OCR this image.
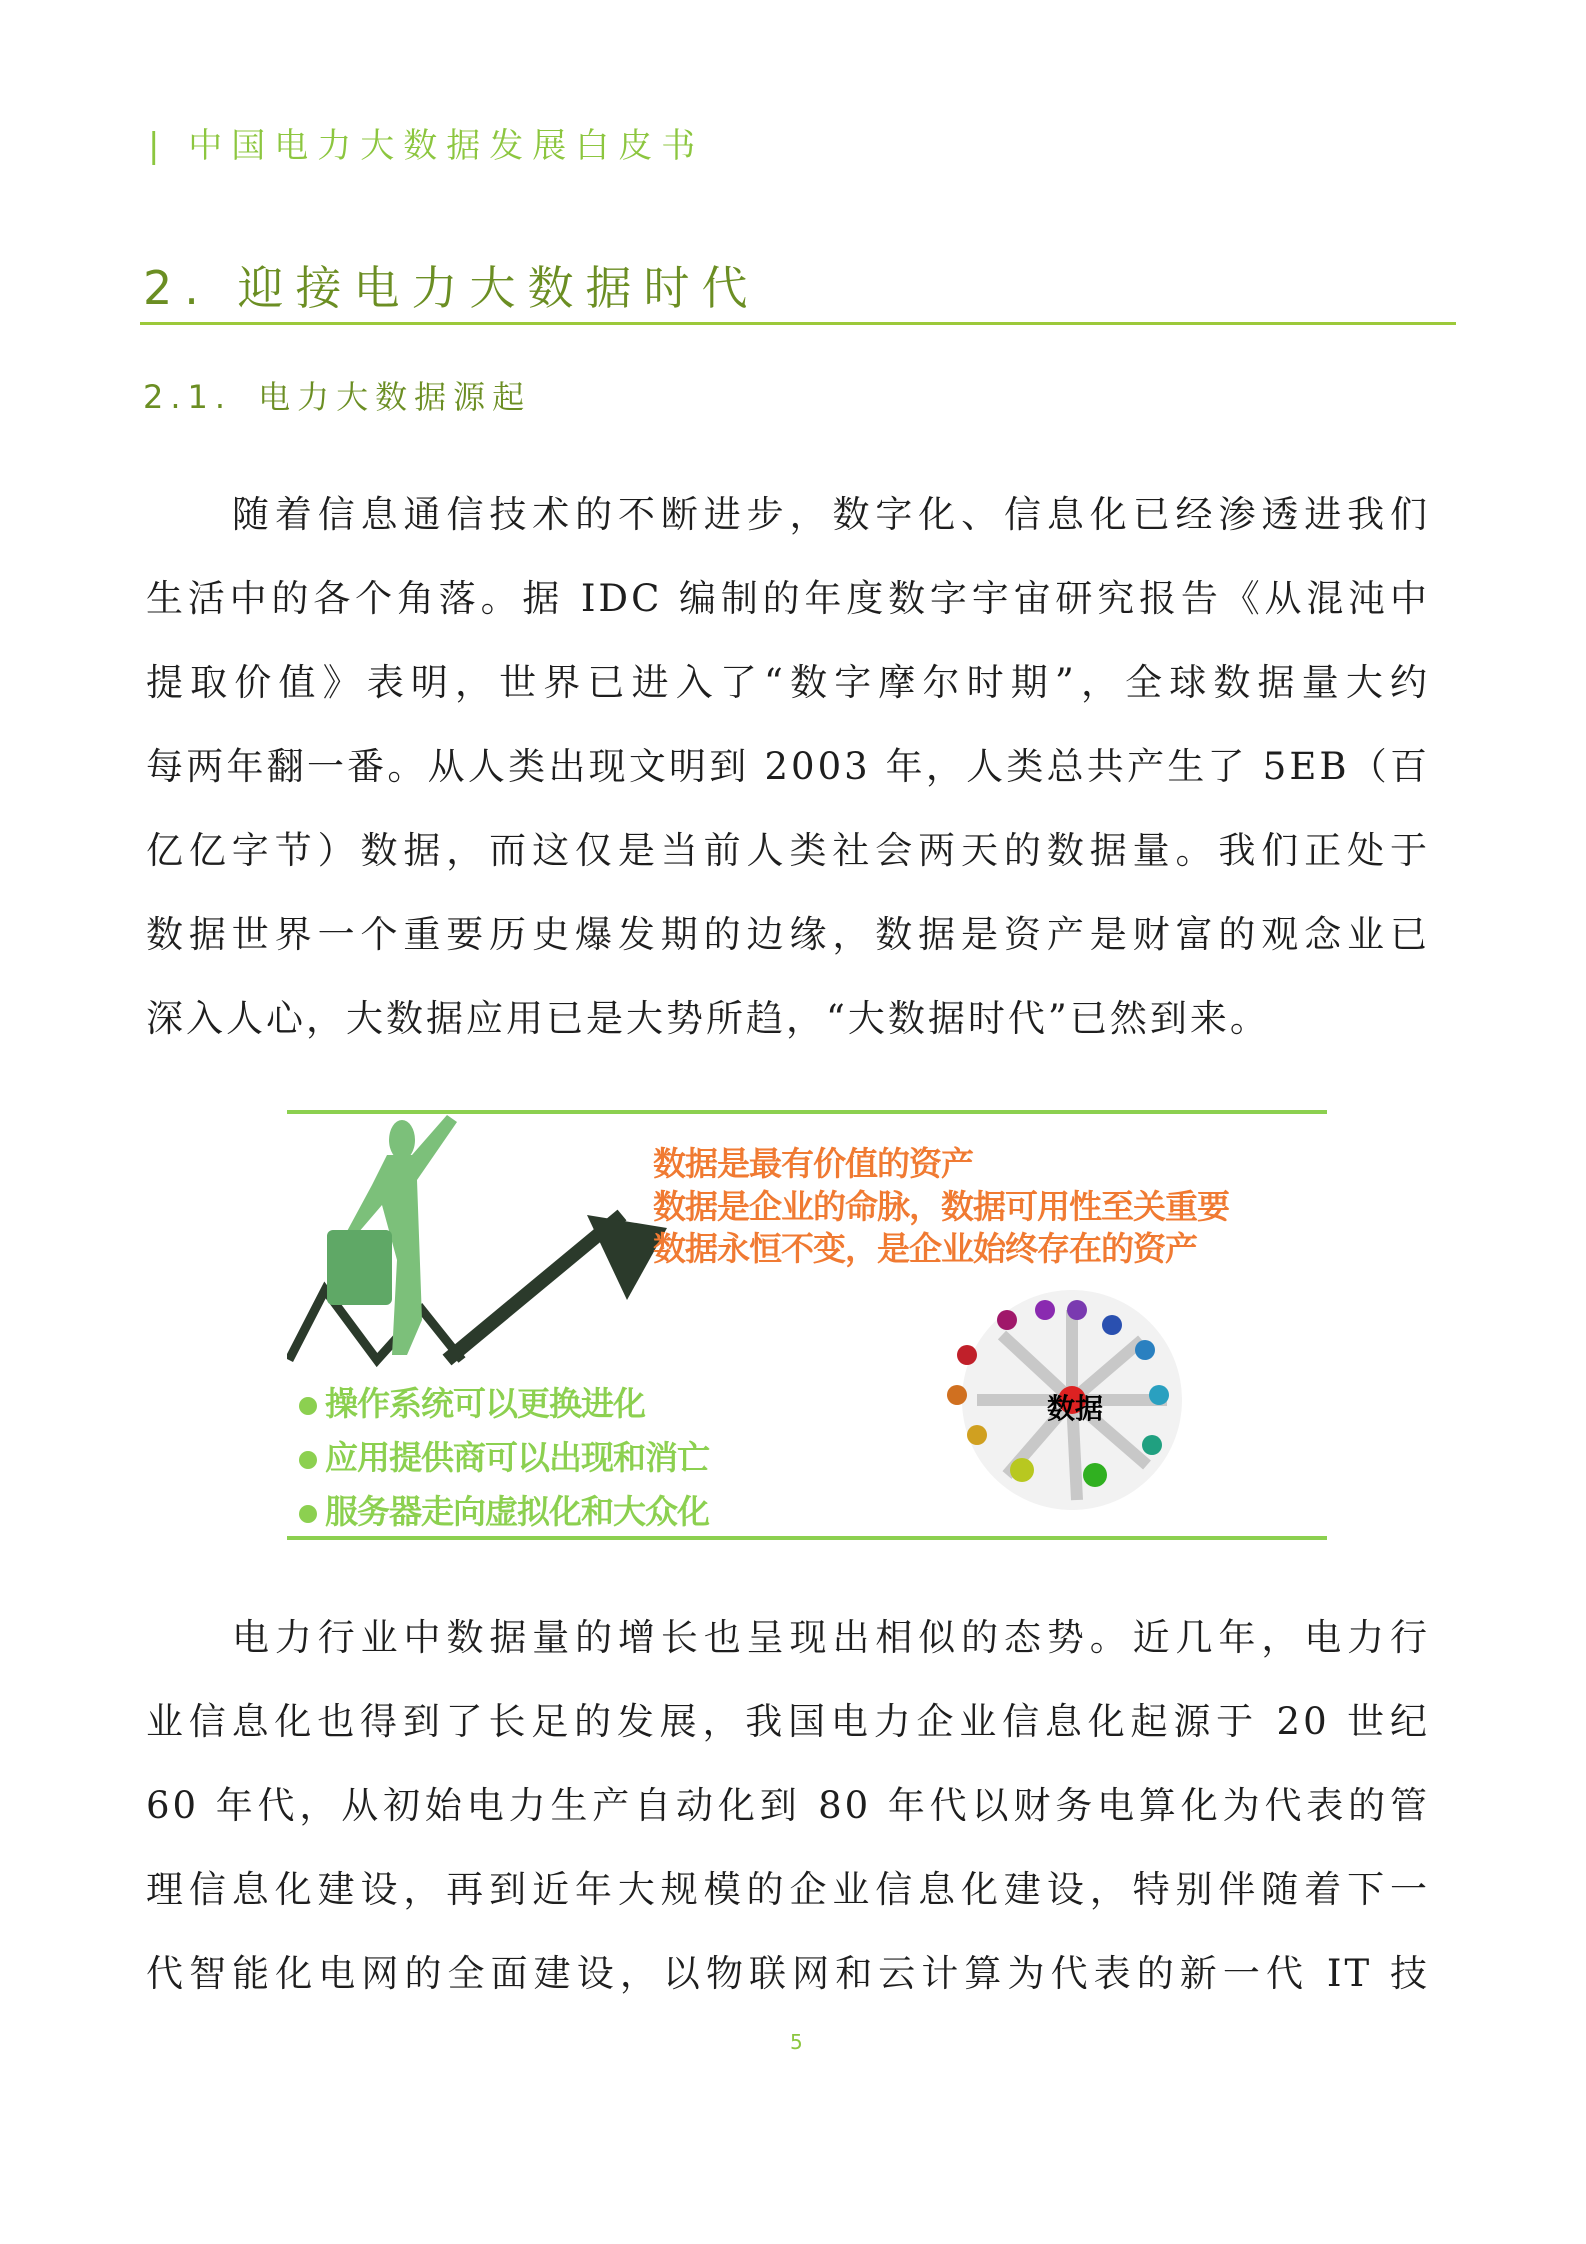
| 中国电力大数据发展白皮书
2. 迎接电力大数据时代
2.1. 电力大数据源起
随着信息通信技术的不断进步，数字化、信息化已经渗透进我们
生活中的各个角落。据 IDC 编制的年度数字宇宙研究报告《从混沌中
提取价值》表明，世界已进入了“数字摩尔时期”，全球数据量大约
每两年翻一番。从人类出现文明到 2003 年，人类总共产生了 5EB（百
亿亿字节）数据，而这仅是当前人类社会两天的数据量。我们正处于
数据世界一个重要历史爆发期的边缘，数据是资产是财富的观念业已
深入人心，大数据应用已是大势所趋，“大数据时代”已然到来。
数据是最有价值的资产
数据是企业的命脉，数据可用性至关重要
数据永恒不变，是企业始终存在的资产
操作系统可以更换进化
应用提供商可以出现和消亡
服务器走向虚拟化和大众化
数据
电力行业中数据量的增长也呈现出相似的态势。近几年，电力行
业信息化也得到了长足的发展，我国电力企业信息化起源于 20 世纪
60 年代，从初始电力生产自动化到 80 年代以财务电算化为代表的管
理信息化建设，再到近年大规模的企业信息化建设，特别伴随着下一
代智能化电网的全面建设，以物联网和云计算为代表的新一代 IT 技
5
